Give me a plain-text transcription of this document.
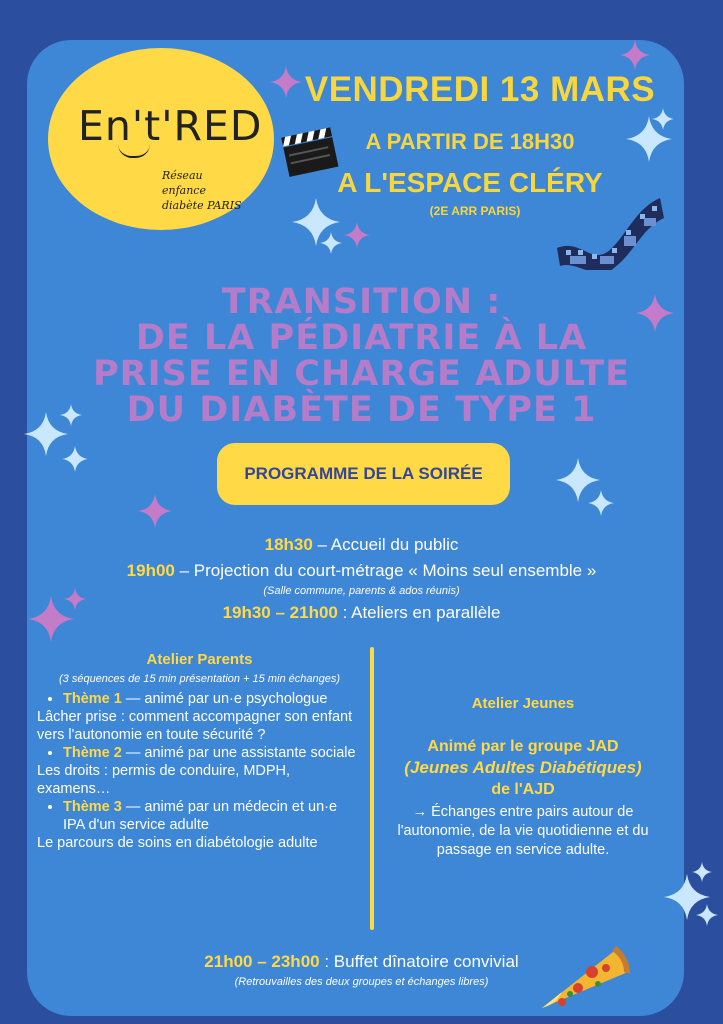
En't'RED
Réseau enfance
diabète PARIS
VENDREDI 13 MARS
A PARTIR DE 18H30
A L'ESPACE CLÉRY
(2E ARR PARIS)
TRANSITION :
DE LA PÉDIATRIE À LA
PRISE EN CHARGE ADULTE
DU DIABÈTE DE TYPE 1
PROGRAMME DE LA SOIRÉE
18h30 – Accueil du public
19h00 – Projection du court-métrage « Moins seul ensemble »
(Salle commune, parents & ados réunis)
19h30 – 21h00 : Ateliers en parallèle
Atelier Parents
(3 séquences de 15 min présentation + 15 min échanges)
• Thème 1 — animé par un·e psychologue

Lâcher prise : comment accompagner son enfant vers l'autonomie en toute sécurité ?

• Thème 2 — animé par une assistante sociale

Les droits : permis de conduire, MDPH, examens…

• Thème 3 — animé par un médecin et un·e IPA d'un service adulte

Le parcours de soins en diabétologie adulte

Atelier Jeunes
Animé par le groupe JAD
(Jeunes Adultes Diabétiques)
de l'AJD
→ Échanges entre pairs autour de l'autonomie, de la vie quotidienne et du passage en service adulte.
21h00 – 23h00 : Buffet dînatoire convivial
(Retrouvailles des deux groupes et échanges libres)
